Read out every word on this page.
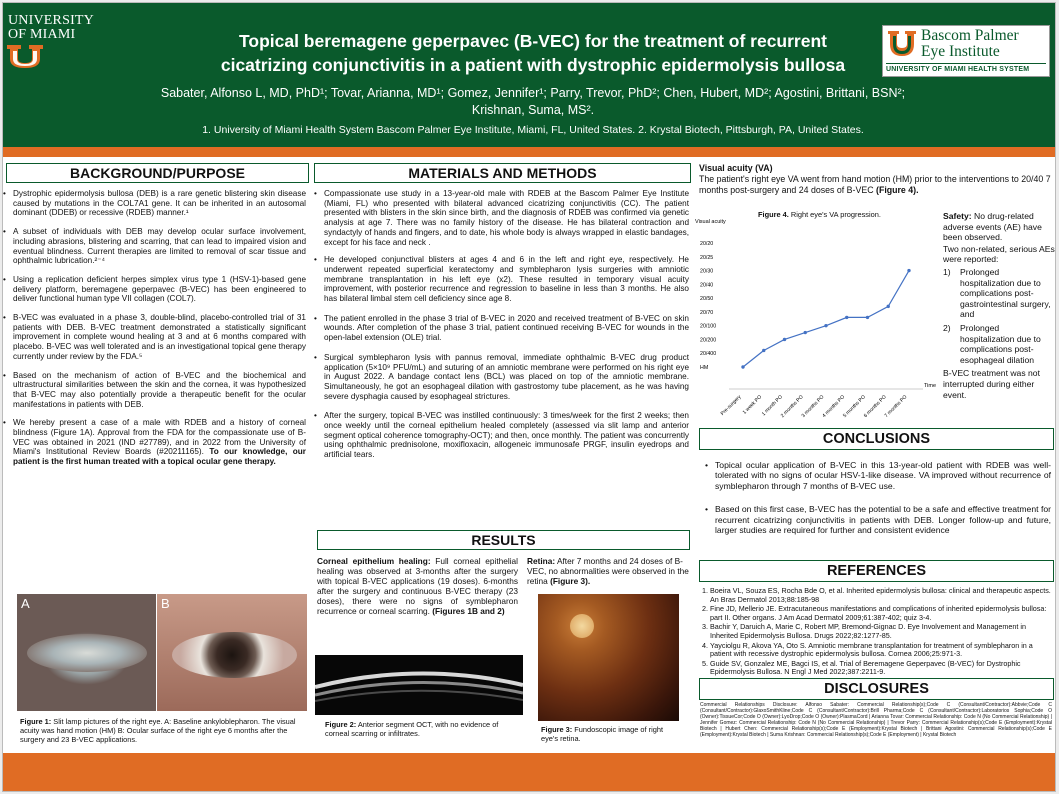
UNIVERSITY
OF MIAMI	Topical beremagene geperpavec (B-VEC) for the treatment of recurrent
cicatrizing conjunctivitis in a patient with dystrophic epidermolysis bullosa
Sabater, Alfonso L, MD, PhD¹; Tovar, Arianna, MD¹; Gomez, Jennifer¹; Parry, Trevor, PhD²; Chen, Hubert, MD²; Agostini, Brittani, BSN²;
Krishnan, Suma, MS².
1. University of Miami Health System Bascom Palmer Eye Institute, Miami, FL, United States. 2. Krystal Biotech, Pittsburgh, PA, United States.
Bascom Palmer
Eye Institute
UNIVERSITY OF MIAMI HEALTH SYSTEM
BACKGROUND/PURPOSE
• Dystrophic epidermolysis bullosa (DEB) is a rare genetic blistering skin disease caused by mutations in the COL7A1 gene. It can be inherited in an autosomal dominant (DDEB) or recessive (RDEB) manner.¹
• A subset of individuals with DEB may develop ocular surface involvement, including abrasions, blistering and scarring, that can lead to impaired vision and eventual blindness. Current therapies are limited to removal of scar tissue and ophthalmic lubrication.²⁻⁴
• Using a replication deficient herpes simplex virus type 1 (HSV-1)-based gene delivery platform, beremagene geperpavec (B-VEC) has been engineered to deliver functional human type VII collagen (COL7).
• B-VEC was evaluated in a phase 3, double-blind, placebo-controlled trial of 31 patients with DEB. B-VEC treatment demonstrated a statistically significant improvement in complete wound healing at 3 and at 6 months compared with placebo. B-VEC was well tolerated and is an investigational topical gene therapy currently under review by the FDA.⁵
• Based on the mechanism of action of B-VEC and the biochemical and ultrastructural similarities between the skin and the cornea, it was hypothesized that B-VEC may also potentially provide a therapeutic benefit for the ocular manifestations in patients with DEB.
• We hereby present a case of a male with RDEB and a history of corneal blindness (Figure 1A). Approval from the FDA for the compassionate use of B-VEC was obtained in 2021 (IND #27789), and in 2022 from the University of Miami's Institutional Review Boards (#20211165). To our knowledge, our patient is the first human treated with a topical ocular gene therapy.
A	B
Figure 1: Slit lamp pictures of the right eye. A: Baseline ankyloblepharon. The visual acuity was hand motion (HM) B: Ocular surface of the right eye 6 months after the surgery and 23 B-VEC applications.
MATERIALS AND METHODS
• Compassionate use study in a 13-year-old male with RDEB at the Bascom Palmer Eye Institute (Miami, FL) who presented with bilateral advanced cicatrizing conjunctivitis (CC). The patient presented with blisters in the skin since birth, and the diagnosis of RDEB was confirmed via genetic analysis at age 7. There was no family history of the disease. He has bilateral contraction and syndactyly of hands and fingers, and to date, his whole body is always wrapped in elastic bandages, except for his face and neck .
• He developed conjunctival blisters at ages 4 and 6 in the left and right eye, respectively. He underwent repeated superficial keratectomy and symblepharon lysis surgeries with amniotic membrane transplantation in his left eye (x2). These resulted in temporary visual acuity improvement, with posterior recurrence and regression to baseline in less than 3 months. He also has bilateral limbal stem cell deficiency since age 8.
• The patient enrolled in the phase 3 trial of B-VEC in 2020 and received treatment of B-VEC on skin wounds. After completion of the phase 3 trial, patient continued receiving B-VEC for wounds in the open-label extension (OLE) trial.
• Surgical symblepharon lysis with pannus removal, immediate ophthalmic B-VEC drug product application (5×10⁹ PFU/mL) and suturing of an amniotic membrane were performed on his right eye in August 2022. A bandage contact lens (BCL) was placed on top of the amniotic membrane. Simultaneously, he got an esophageal dilation with gastrostomy tube placement, as he was having severe dysphagia caused by esophageal strictures.
• After the surgery, topical B-VEC was instilled continuously: 3 times/week for the first 2 weeks; then once weekly until the corneal epithelium healed completely (assessed via slit lamp and anterior segment optical coherence tomography-OCT); and then, once monthly. The patient was concurrently using ophthalmic prednisolone, moxifloxacin, allogeneic immunosafe PRGF, insulin eyedrops and artificial tears.
RESULTS
Corneal epithelium healing: Full corneal epithelial healing was observed at 3-months after the surgery with topical B-VEC applications (19 doses). 6-months after the surgery and continuous B-VEC therapy (23 doses), there were no signs of symblepharon recurrence or corneal scarring. (Figures 1B and 2)
Retina: After 7 months and 24 doses of B-VEC, no abnormalities were observed in the retina (Figure 3).
Figure 2: Anterior segment OCT, with no evidence of corneal scarring or infiltrates.	Figure 3: Fundoscopic image of right eye's retina.
Visual acuity (VA)
The patient's right eye VA went from hand motion (HM) prior to the interventions to 20/40 7 months post-surgery and 24 doses of B-VEC (Figure 4).
Figure 4. Right eye's VA progression.
Visual acuity
Time
20/20
20/25
20/30
20/40
20/50
20/70
20/100
20/200
20/400
HM
Pre-surgery 1 week PO
1 month PO
2 months PO
3 months PO
4 months PO
5 months PO
6 months PO
7 months PO
Safety: No drug-related adverse events (AE) have been observed.
Two non-related, serious AEs were reported:
1)	Prolonged hospitalization due to complications post-gastrointestinal surgery, and
2)	Prolonged hospitalization due to complications post-esophageal dilation
B-VEC treatment was not interrupted during either event.
CONCLUSIONS
• Topical ocular application of B-VEC in this 13-year-old patient with RDEB was well-tolerated with no signs of ocular HSV-1-like disease. VA improved without recurrence of symblepharon through 7 months of B-VEC use.
• Based on this first case, B-VEC has the potential to be a safe and effective treatment for recurrent cicatrizing conjunctivitis in patients with DEB. Longer follow-up and future, larger studies are required for further and consistent evidence
REFERENCES
1. Boeira VL, Souza ES, Rocha Bde O, et al. Inherited epidermolysis bullosa: clinical and therapeutic aspects. An Bras Dermatol 2013;88:185-98
2. Fine JD, Mellerio JE. Extracutaneous manifestations and complications of inherited epidermolysis bullosa: part II. Other organs. J Am Acad Dermatol 2009;61:387-402; quiz 3-4.
3. Bachir Y, Daruich A, Marie C, Robert MP, Bremond-Gignac D. Eye Involvement and Management in Inherited Epidermolysis Bullosa. Drugs 2022;82:1277-85.
4. Yayciolgu R, Akova YA, Oto S. Amniotic membrane transplantation for treatment of symblepharon in a patient with recessive dystrophic epidermolysis bullosa. Cornea 2006;25:971-3.
5. Guide SV, Gonzalez ME, Bagci IS, et al. Trial of Beremagene Geperpavec (B-VEC) for Dystrophic Epidermolysis Bullosa. N Engl J Med 2022;387:2211-9.
DISCLOSURES
Commercial Relationships Disclosure: Alfonso Sabater: Commercial Relationship(s);Code C (Consultant/Contractor):Abbvie;Code C (Consultant/Contractor):GlaxoSmithKline;Code C (Consultant/Contractor):Brill Pharma;Code C (Consultant/Contractor):Laboratorios Sophia;Code O (Owner):TissueCor;Code O (Owner):LyoDrop;Code O (Owner):PlasmaCord | Arianna Tovar: Commercial Relationship: Code N (No Commercial Relationship) | Jennifer Gomez: Commercial Relationship: Code N (No Commercial Relationship) | Trevor Parry: Commercial Relationship(s);Code E (Employment):Krystal Biotech | Hubert Chen: Commercial Relationship(s);Code E (Employment):Krystal Biotech | Brittani Agostini: Commercial Relationship(s);Code E (Employment):Krystal Biotech | Suma Krishnan: Commercial Relationship(s);Code E (Employment) | Krystal Biotech
